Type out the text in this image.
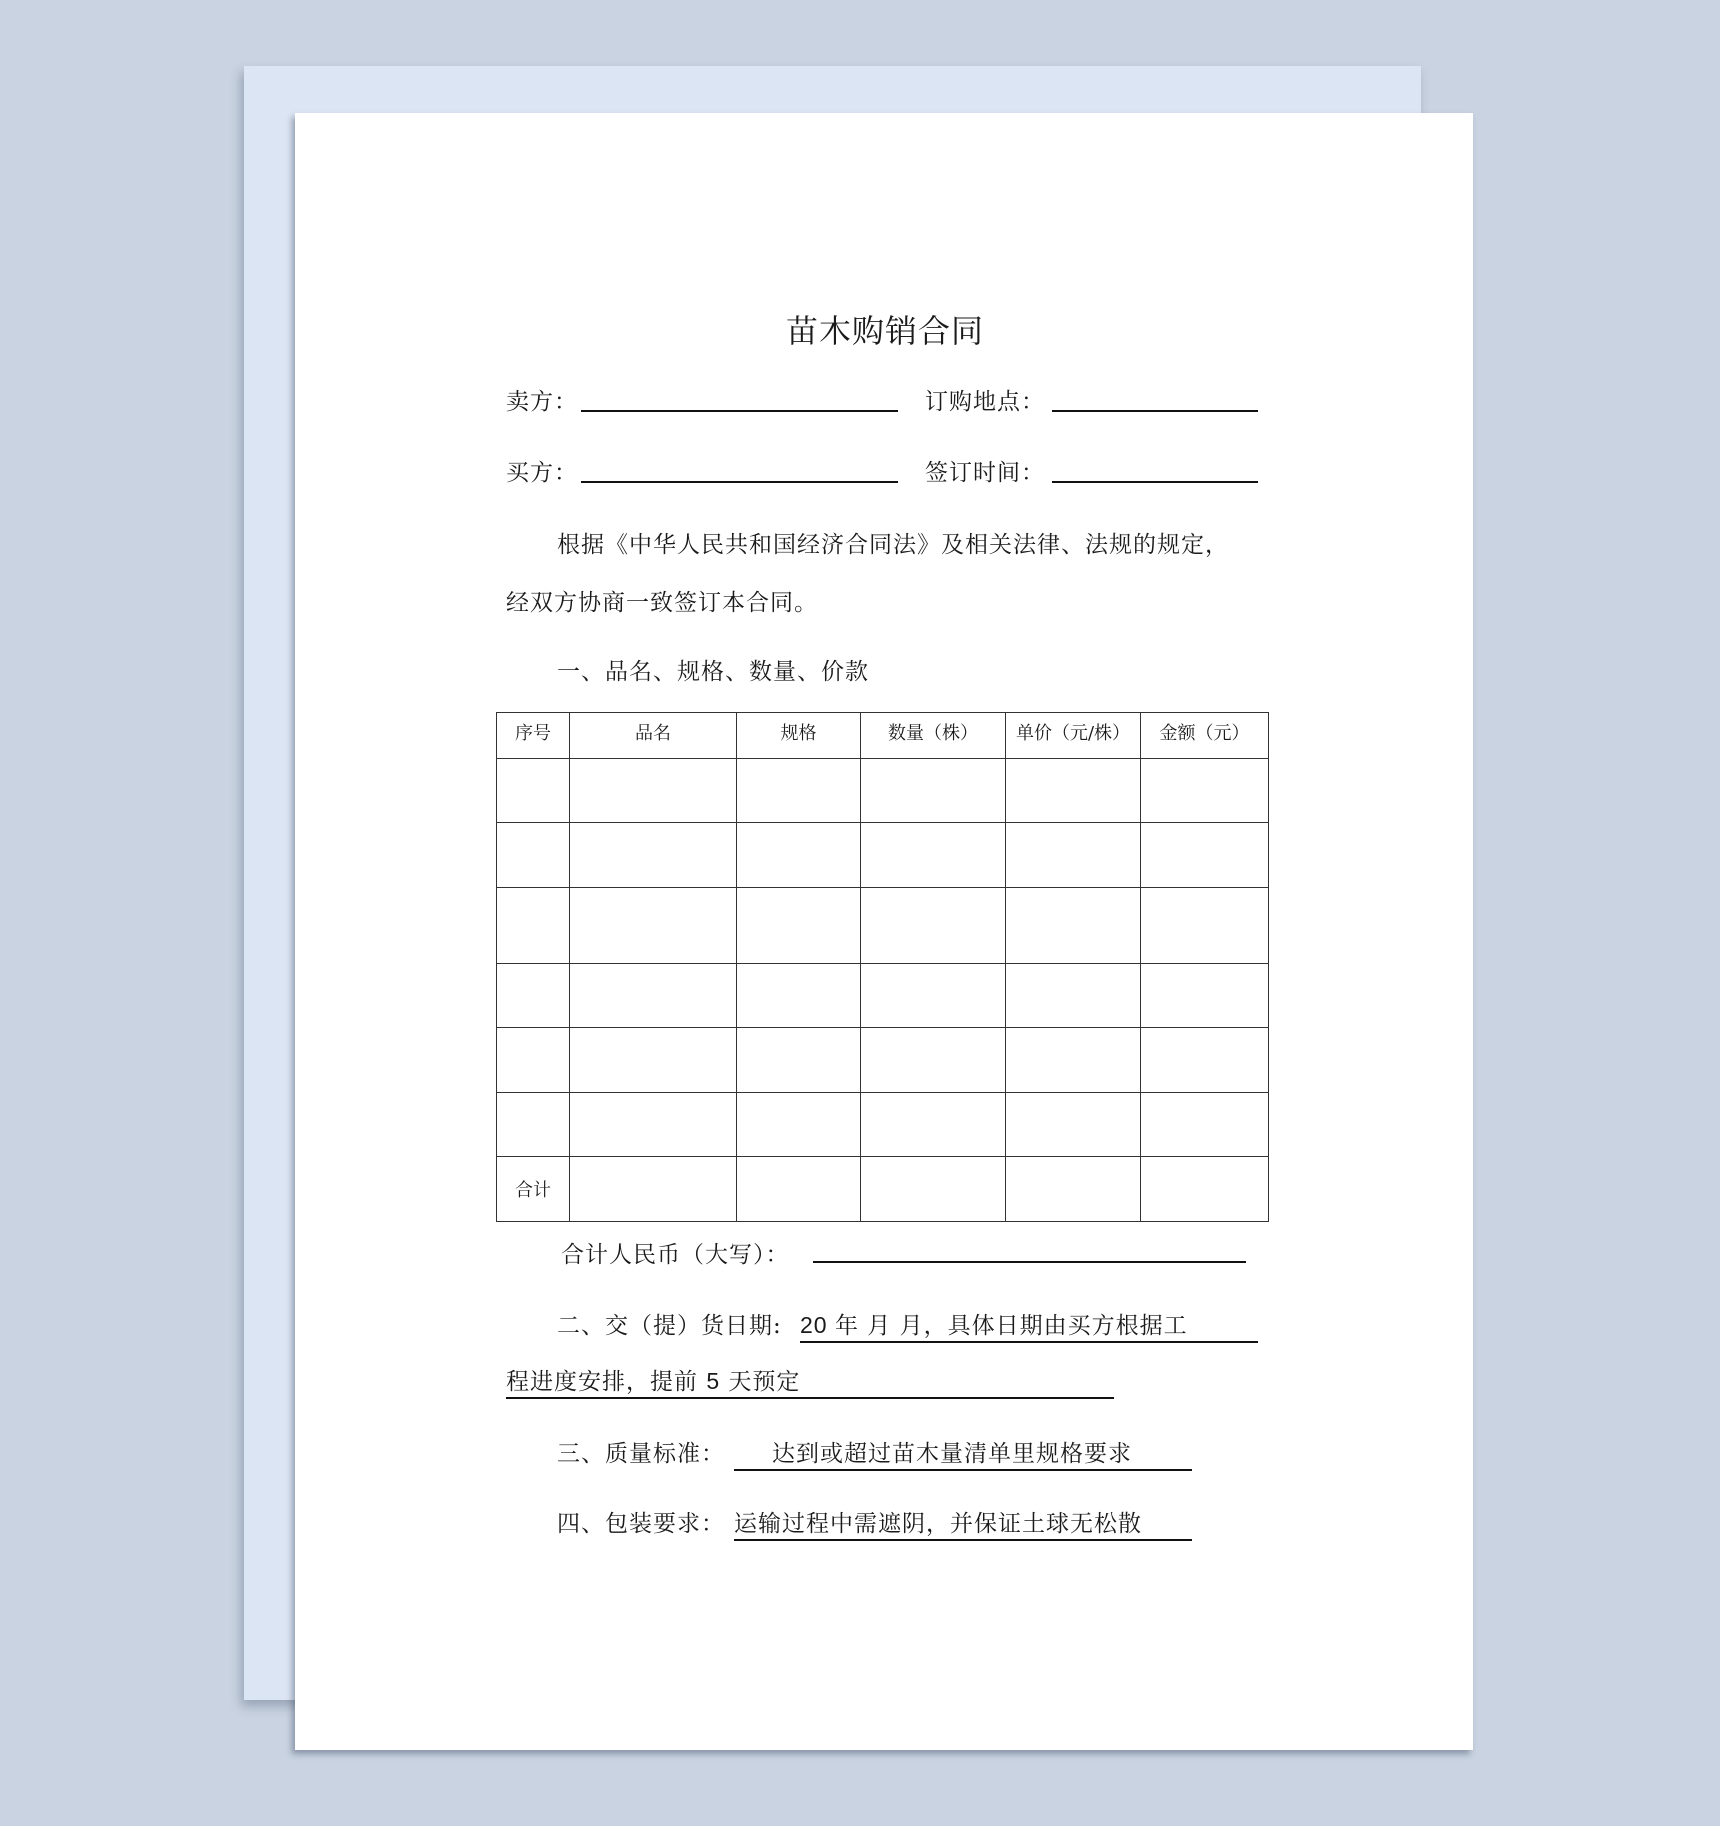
苗木购销合同
卖方：	订购地点：
买方：	签订时间：
根据《中华人民共和国经济合同法》及相关法律、法规的规定，
经双方协商一致签订本合同。
一、品名、规格、数量、价款
序号	品名	规格	数量（株）	单价（元/株）	金额（元）

合计					
合计人民币（大写）：
二、交（提）货日期: 20 年 月 月，具体日期由买方根据工
程进度安排，提前 5 天预定
三、质量标准：	达到或超过苗木量清单里规格要求
四、包装要求： 运输过程中需遮阴，并保证土球无松散
